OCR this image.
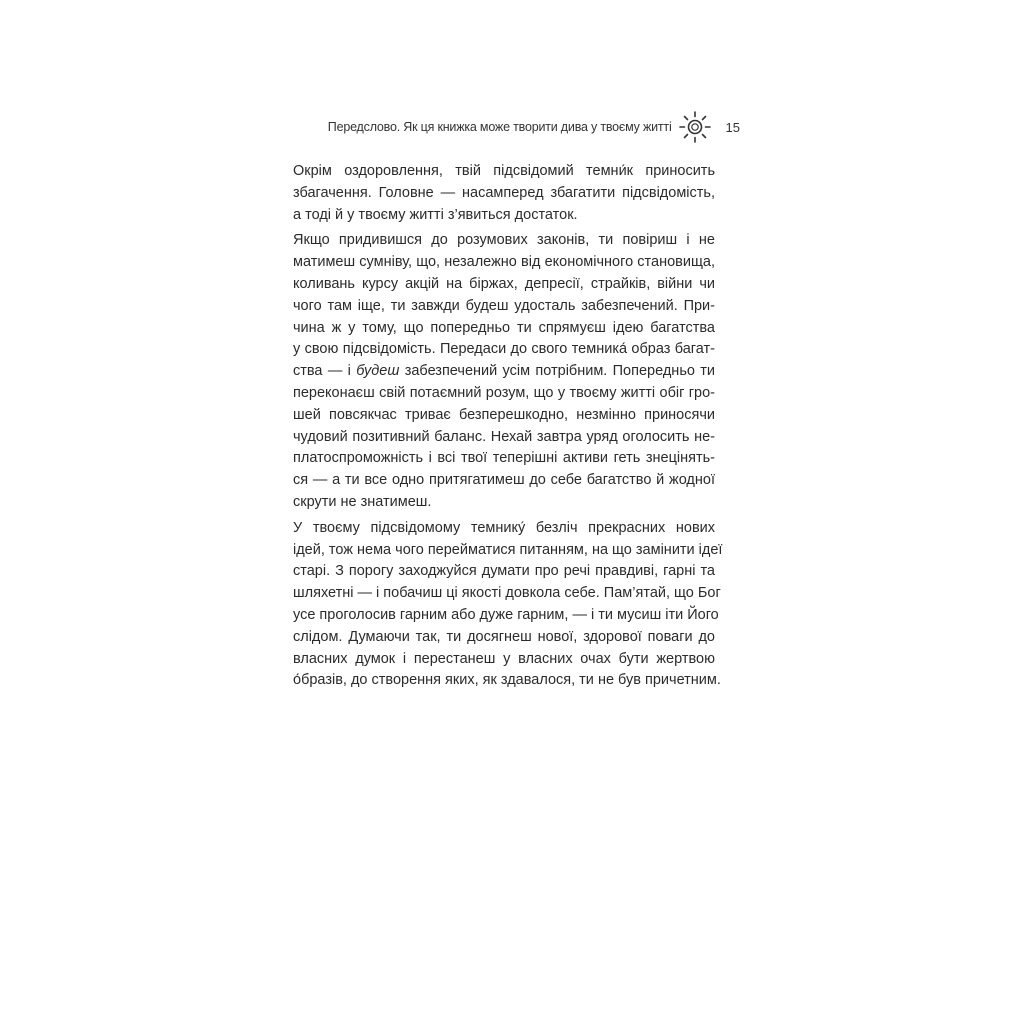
Передслово. Як ця книжка може творити дива у твоєму житті	15
Окрім оздоровлення, твій підсвідомий темни́к приносить
збагачення. Головне — насамперед збагатити підсвідомість,
а тоді й у твоєму житті з’явиться достаток.
Якщо придивишся до розумових законів, ти повіриш і не
матимеш сумніву, що, незалежно від економічного становища,
коливань курсу акцій на біржах, депресії, страйків, війни чи
чого там іще, ти завжди будеш удосталь забезпечений. При-
чина ж у тому, що попередньо ти спрямуєш ідею багатства
у свою підсвідомість. Передаси до свого темника́ образ багат-
ства — і будеш забезпечений усім потрібним. Попередньо ти
переконаєш свій потаємний розум, що у твоєму житті обіг гро-
шей повсякчас триває безперешкодно, незмінно приносячи
чудовий позитивний баланс. Нехай завтра уряд оголосить не-
платоспроможність і всі твої теперішні активи геть знецінять-
ся — а ти все одно притягатимеш до себе багатство й жодної
скрути не знатимеш.
У твоєму підсвідомому темнику́ безліч прекрасних нових
ідей, тож нема чого перейматися питанням, на що замінити ідеї
старі. З порогу заходжуйся думати про речі правдиві, гарні та
шляхетні — і побачиш ці якості довкола себе. Пам’ятай, що Бог
усе проголосив гарним або дуже гарним, — і ти мусиш іти Його
слідом. Думаючи так, ти досягнеш нової, здорової поваги до
власних думок і перестанеш у власних очах бути жертвою
о́бразів, до створення яких, як здавалося, ти не був причетним.
